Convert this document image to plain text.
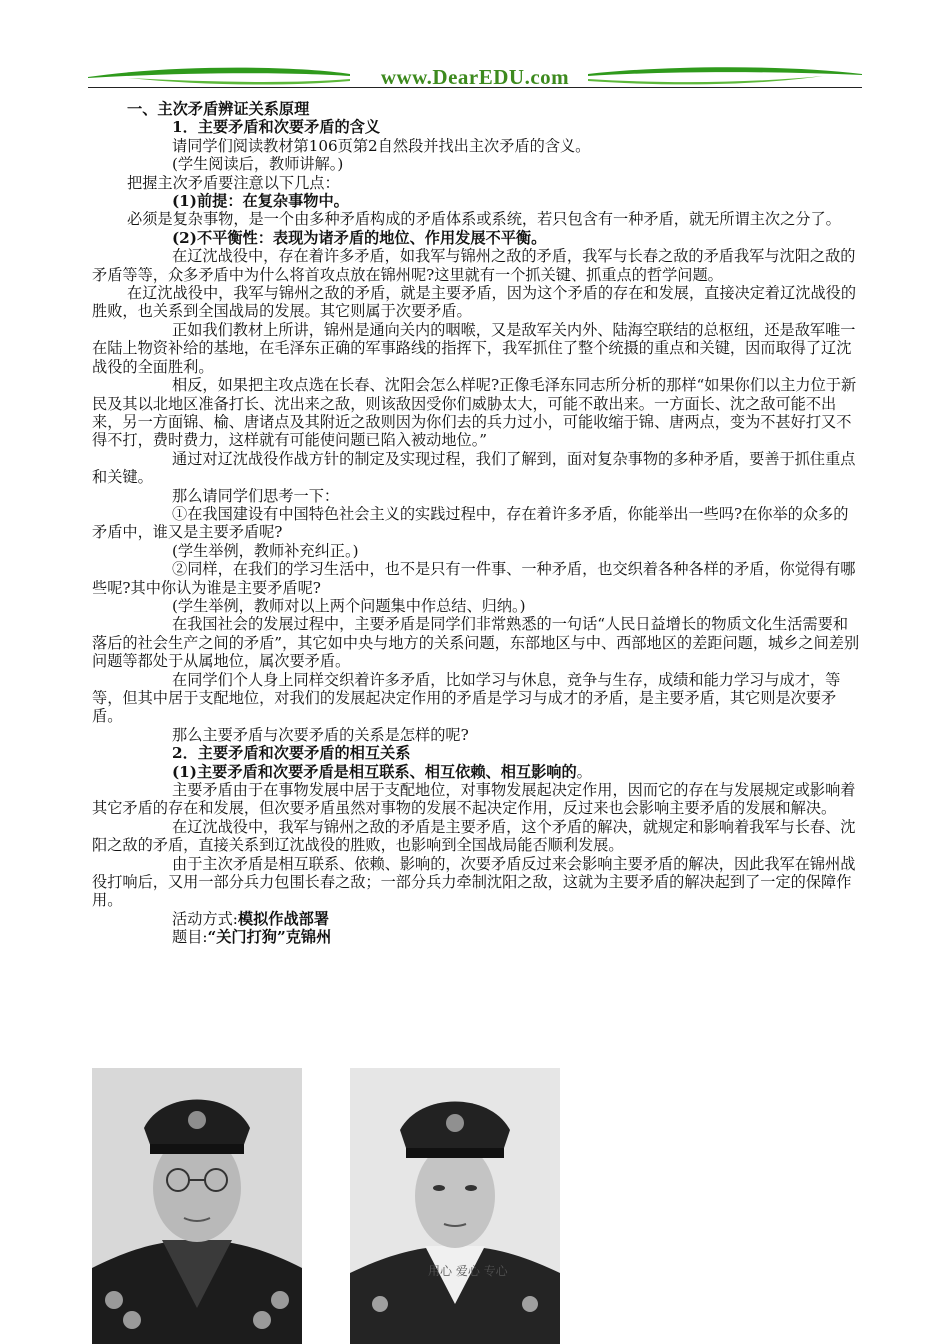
www.DearEDU.com

一、主次矛盾辨证关系原理

1．主要矛盾和次要矛盾的含义

请同学们阅读教材第106页第2自然段并找出主次矛盾的含义。

(学生阅读后，教师讲解。)

把握主次矛盾要注意以下几点：

(1)前提：在复杂事物中。

必须是复杂事物，是一个由多种矛盾构成的矛盾体系或系统，若只包含有一种矛盾，就无所谓主次之分了。

(2)不平衡性：表现为诸矛盾的地位、作用发展不平衡。

在辽沈战役中，存在着许多矛盾，如我军与锦州之敌的矛盾，我军与长春之敌的矛盾我军与沈阳之敌的矛盾等等，众多矛盾中为什么将首攻点放在锦州呢?这里就有一个抓关键、抓重点的哲学问题。

在辽沈战役中，我军与锦州之敌的矛盾，就是主要矛盾，因为这个矛盾的存在和发展，直接决定着辽沈战役的胜败，也关系到全国战局的发展。其它则属于次要矛盾。

正如我们教材上所讲，锦州是通向关内的咽喉，又是敌军关内外、陆海空联结的总枢纽，还是敌军唯一在陆上物资补给的基地，在毛泽东正确的军事路线的指挥下，我军抓住了整个统摄的重点和关键，因而取得了辽沈战役的全面胜利。

相反，如果把主攻点选在长春、沈阳会怎么样呢?正像毛泽东同志所分析的那样“如果你们以主力位于新民及其以北地区准备打长、沈出来之敌，则该敌因受你们威胁太大，可能不敢出来。一方面长、沈之敌可能不出来，另一方面锦、榆、唐诸点及其附近之敌则因为你们去的兵力过小，可能收缩于锦、唐两点，变为不甚好打又不得不打，费时费力，这样就有可能使问题已陷入被动地位。”

通过对辽沈战役作战方针的制定及实现过程，我们了解到，面对复杂事物的多种矛盾，要善于抓住重点和关键。

那么请同学们思考一下：

①在我国建设有中国特色社会主义的实践过程中，存在着许多矛盾，你能举出一些吗?在你举的众多的矛盾中，谁又是主要矛盾呢?

(学生举例，教师补充纠正。)

②同样，在我们的学习生活中，也不是只有一件事、一种矛盾，也交织着各种各样的矛盾，你觉得有哪些呢?其中你认为谁是主要矛盾呢?

(学生举例，教师对以上两个问题集中作总结、归纳。)

在我国社会的发展过程中，主要矛盾是同学们非常熟悉的一句话“人民日益增长的物质文化生活需要和落后的社会生产之间的矛盾”，其它如中央与地方的关系问题，东部地区与中、西部地区的差距问题，城乡之间差别问题等都处于从属地位，属次要矛盾。

在同学们个人身上同样交织着许多矛盾，比如学习与休息，竞争与生存，成绩和能力学习与成才，等等，但其中居于支配地位，对我们的发展起决定作用的矛盾是学习与成才的矛盾，是主要矛盾，其它则是次要矛盾。

那么主要矛盾与次要矛盾的关系是怎样的呢?

2．主要矛盾和次要矛盾的相互关系

(1)主要矛盾和次要矛盾是相互联系、相互依赖、相互影响的。

主要矛盾由于在事物发展中居于支配地位，对事物发展起决定作用，因而它的存在与发展规定或影响着其它矛盾的存在和发展，但次要矛盾虽然对事物的发展不起决定作用，反过来也会影响主要矛盾的发展和解决。

在辽沈战役中，我军与锦州之敌的矛盾是主要矛盾，这个矛盾的解决，就规定和影响着我军与长春、沈阳之敌的矛盾，直接关系到辽沈战役的胜败，也影响到全国战局能否顺利发展。

由于主次矛盾是相互联系、依赖、影响的，次要矛盾反过来会影响主要矛盾的解决，因此我军在锦州战役打响后，又用一部分兵力包围长春之敌；一部分兵力牵制沈阳之敌，这就为主要矛盾的解决起到了一定的保障作用。

活动方式:模拟作战部署

题目:“关门打狗”克锦州

用心 爱心 专心
